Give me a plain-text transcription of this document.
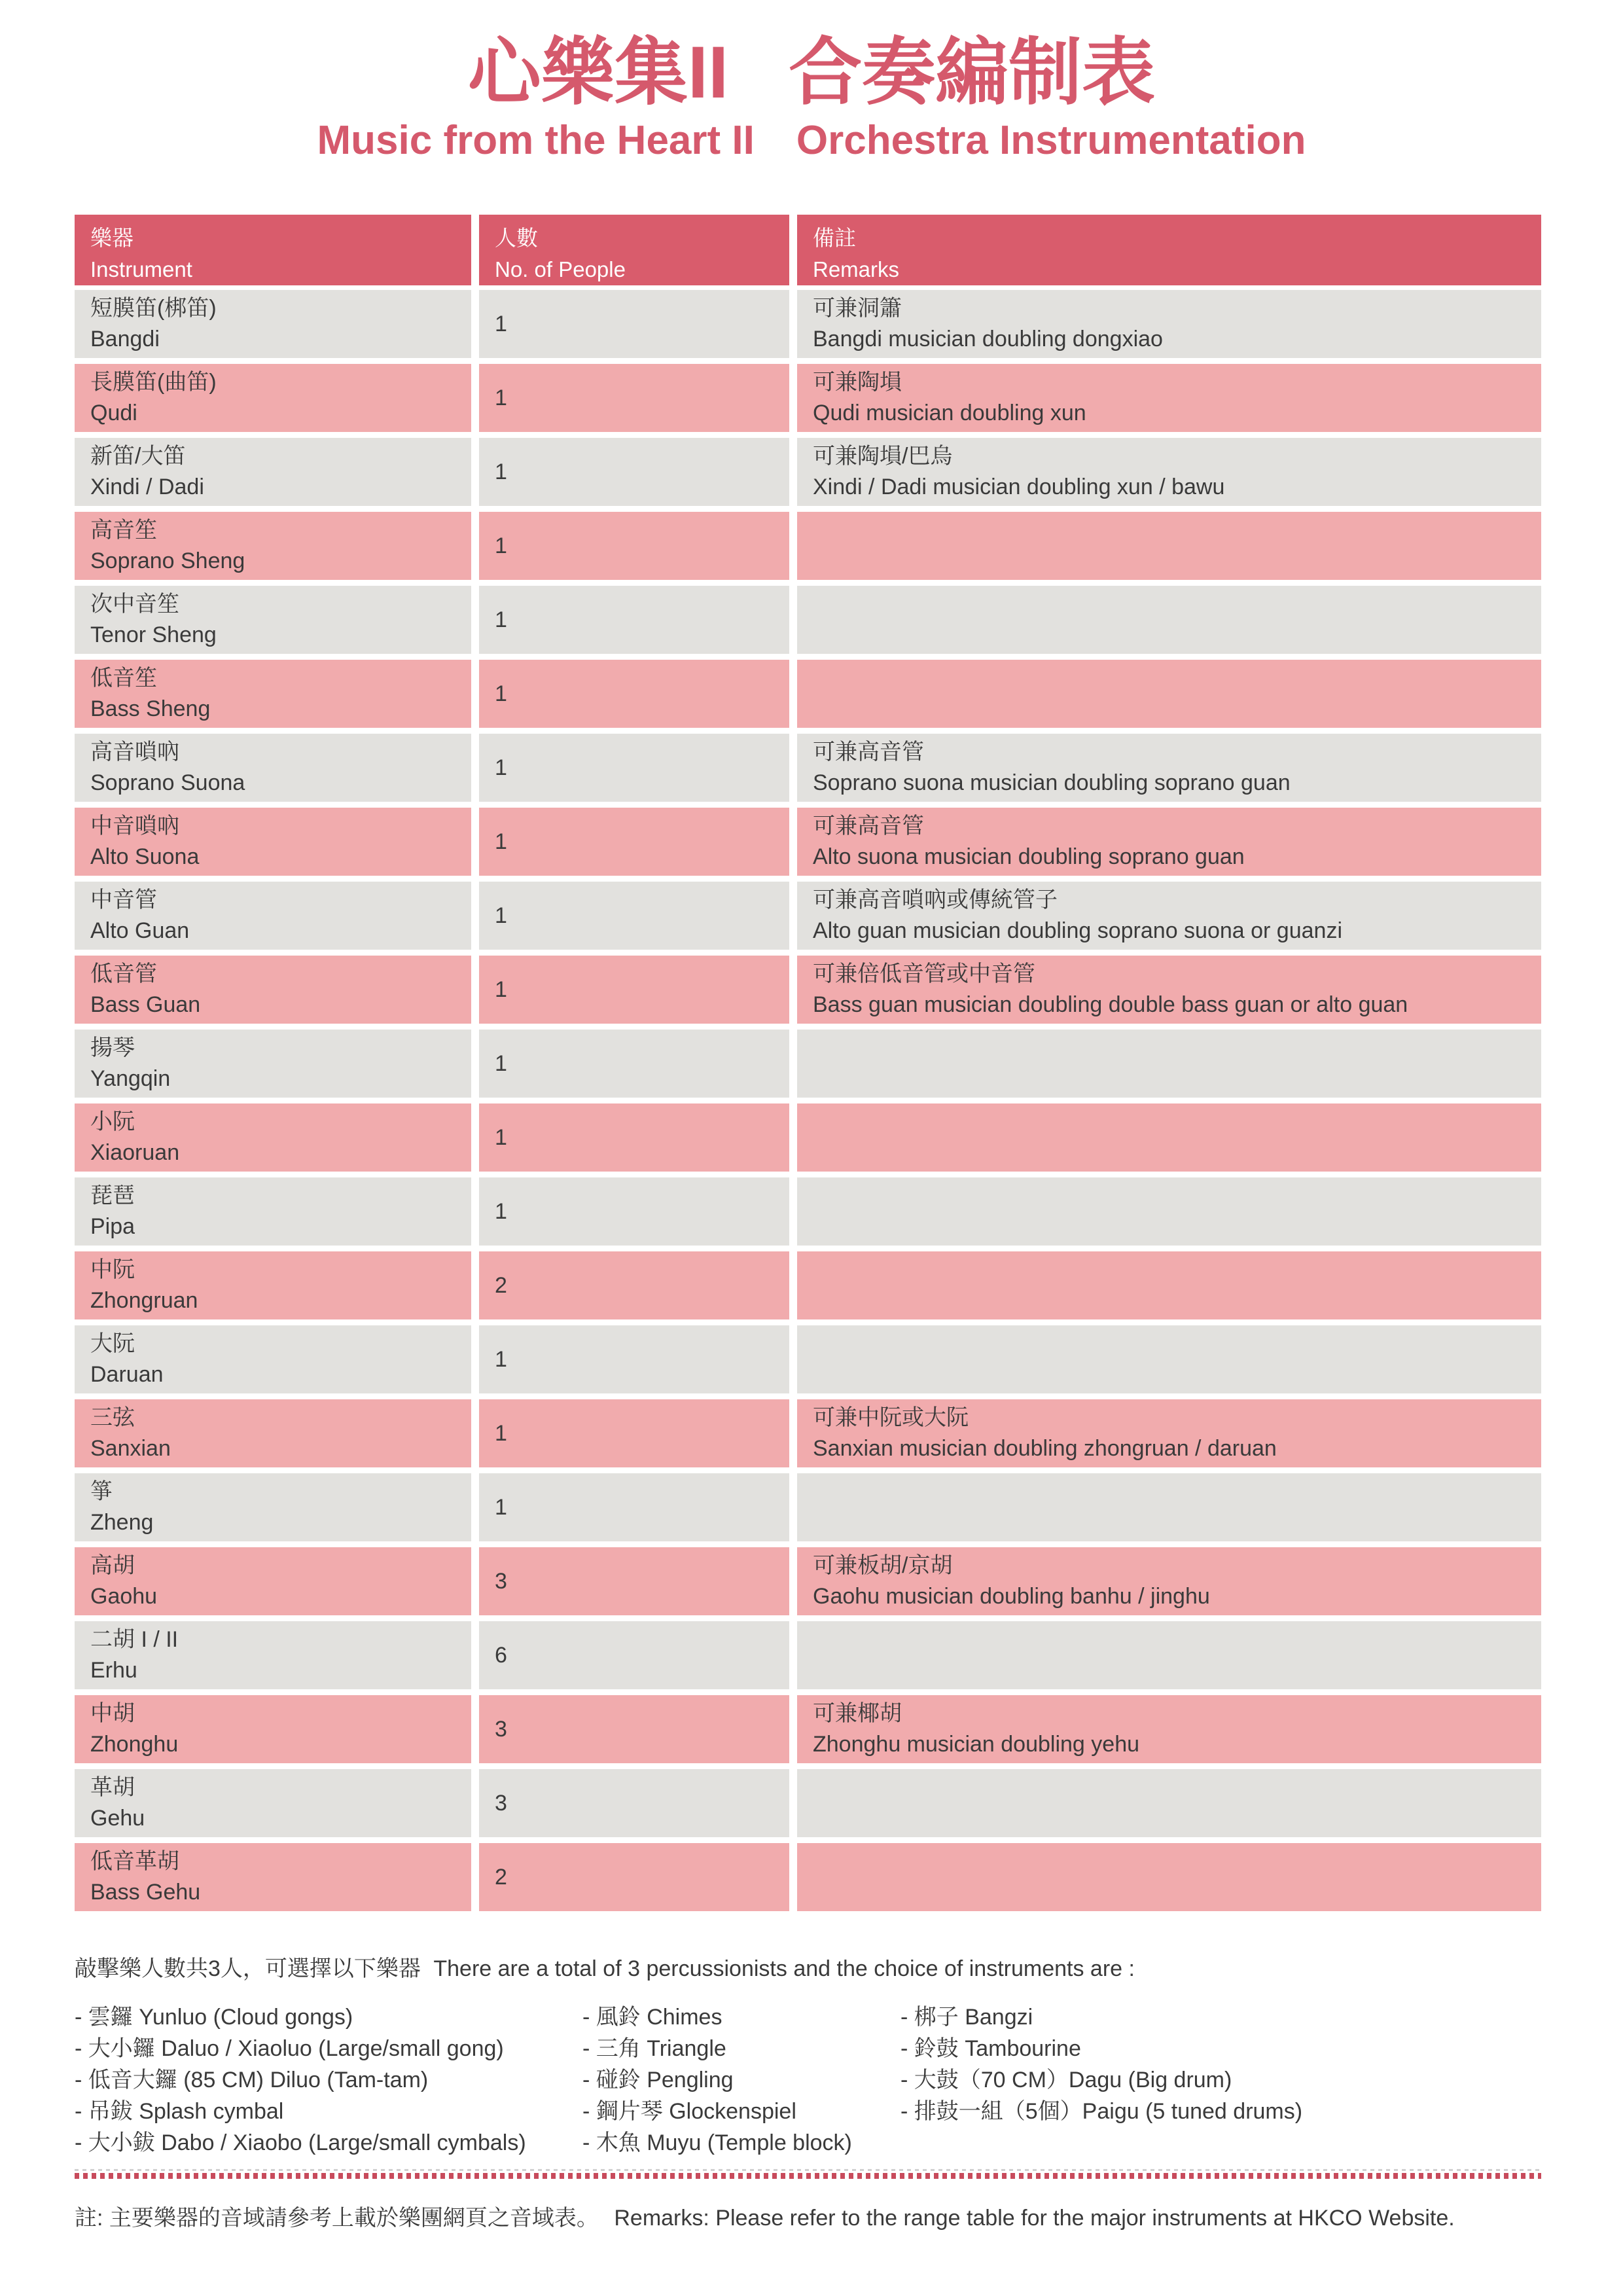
心樂集II 合奏編制表
Music from the Heart II Orchestra Instrumentation
樂器
Instrument
人數
No. of People
備註
Remarks
短膜笛(梆笛)
Bangdi
1
可兼洞簫
Bangdi musician doubling dongxiao
長膜笛(曲笛)
Qudi
1
可兼陶塤
Qudi musician doubling xun
新笛/大笛
Xindi / Dadi
1
可兼陶塤/巴烏
Xindi / Dadi musician doubling xun / bawu
高音笙
Soprano Sheng
1
次中音笙
Tenor Sheng
1
低音笙
Bass Sheng
1
高音嗩吶
Soprano Suona
1
可兼高音管
Soprano suona musician doubling soprano guan
中音嗩吶
Alto Suona
1
可兼高音管
Alto suona musician doubling soprano guan
中音管
Alto Guan
1
可兼高音嗩吶或傳統管子
Alto guan musician doubling soprano suona or guanzi
低音管
Bass Guan
1
可兼倍低音管或中音管
Bass guan musician doubling double bass guan or alto guan
揚琴
Yangqin
1
小阮
Xiaoruan
1
琵琶
Pipa
1
中阮
Zhongruan
2
大阮
Daruan
1
三弦
Sanxian
1
可兼中阮或大阮
Sanxian musician doubling zhongruan / daruan
箏
Zheng
1
高胡
Gaohu
3
可兼板胡/京胡
Gaohu musician doubling banhu / jinghu
二胡 I / II
Erhu
6
中胡
Zhonghu
3
可兼椰胡
Zhonghu musician doubling yehu
革胡
Gehu
3
低音革胡
Bass Gehu
2
敲擊樂人數共3人，可選擇以下樂器 There are a total of 3 percussionists and the choice of instruments are :
- 雲鑼 Yunluo (Cloud gongs)
- 大小鑼 Daluo / Xiaoluo (Large/small gong)
- 低音大鑼 (85 CM) Diluo (Tam-tam)
- 吊鈸 Splash cymbal
- 大小鈸 Dabo / Xiaobo (Large/small cymbals)
- 風鈴 Chimes
- 三角 Triangle
- 碰鈴 Pengling
- 鋼片琴 Glockenspiel
- 木魚 Muyu (Temple block)
- 梆子 Bangzi
- 鈴鼓 Tambourine
- 大鼓（70 CM）Dagu (Big drum)
- 排鼓一組（5個）Paigu (5 tuned drums)
註: 主要樂器的音域請參考上載於樂團網頁之音域表。 Remarks: Please refer to the range table for the major instruments at HKCO Website.
